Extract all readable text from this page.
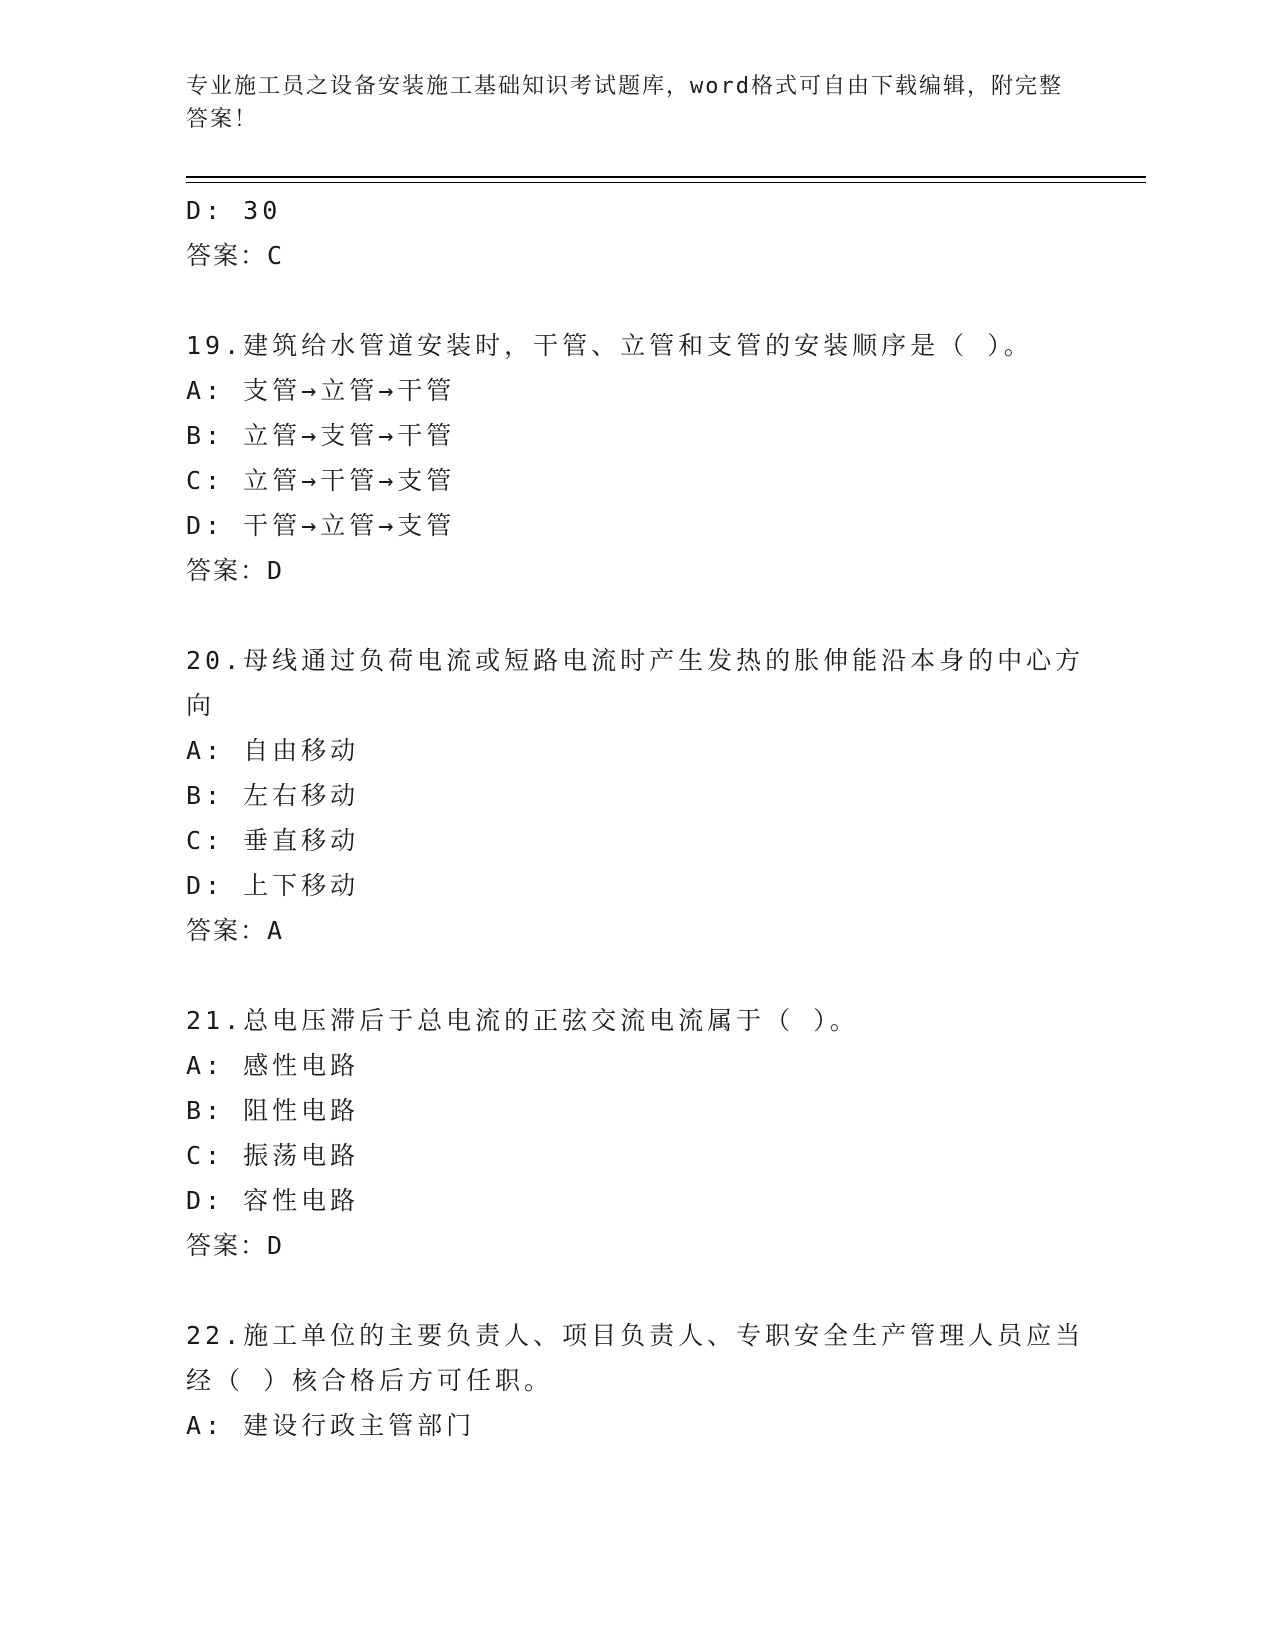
专业施工员之设备安装施工基础知识考试题库，word格式可自由下载编辑，附完整答案！
D: 30
答案：C
19.建筑给水管道安装时，干管、立管和支管的安装顺序是（ ）。
A: 支管→立管→干管
B: 立管→支管→干管
C: 立管→干管→支管
D: 干管→立管→支管
答案：D
20.母线通过负荷电流或短路电流时产生发热的胀伸能沿本身的中心方
向
A: 自由移动
B: 左右移动
C: 垂直移动
D: 上下移动
答案：A
21.总电压滞后于总电流的正弦交流电流属于（ ）。
A: 感性电路
B: 阻性电路
C: 振荡电路
D: 容性电路
答案：D
22.施工单位的主要负责人、项目负责人、专职安全生产管理人员应当
经（ ）核合格后方可任职。
A: 建设行政主管部门
